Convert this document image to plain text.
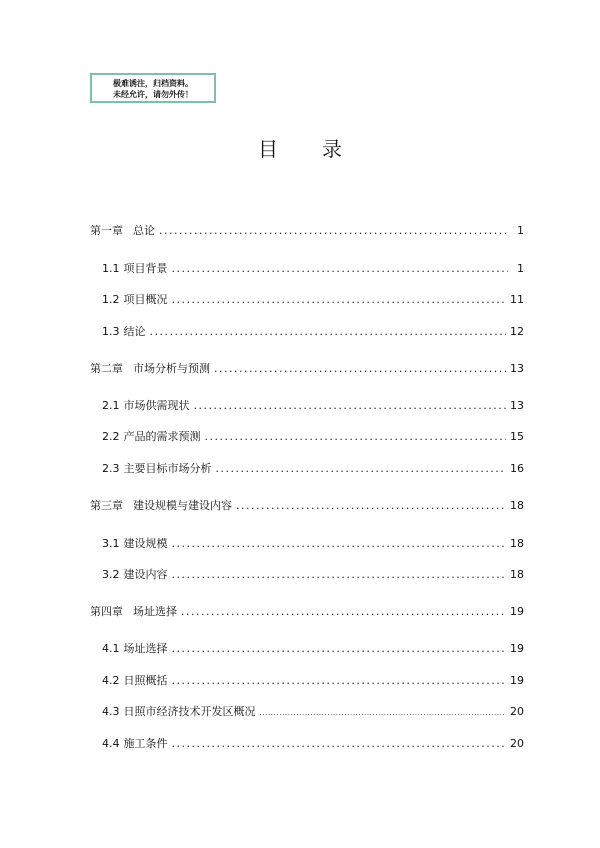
极难诱注，归档资料。
未经允许，请勿外传！
目 录
第一章 总论 .....	1
1.1 项目背景 .....	1
1.2 项目概况 .....	11
1.3 结论 .....	12
第二章 市场分析与预测 .....	13
2.1 市场供需现状 .....	13
2.2 产品的需求预测 .....	15
2.3 主要目标市场分析 .....	16
第三章 建设规模与建设内容 .....	18
3.1 建设规模 .....	18
3.2 建设内容 .....	18
第四章 场址选择 .....	19
4.1 场址选择 .....	19
4.2 日照概括 .....	19
4.3 日照市经济技术开发区概况 .....	20
4.4 施工条件 .....	20
